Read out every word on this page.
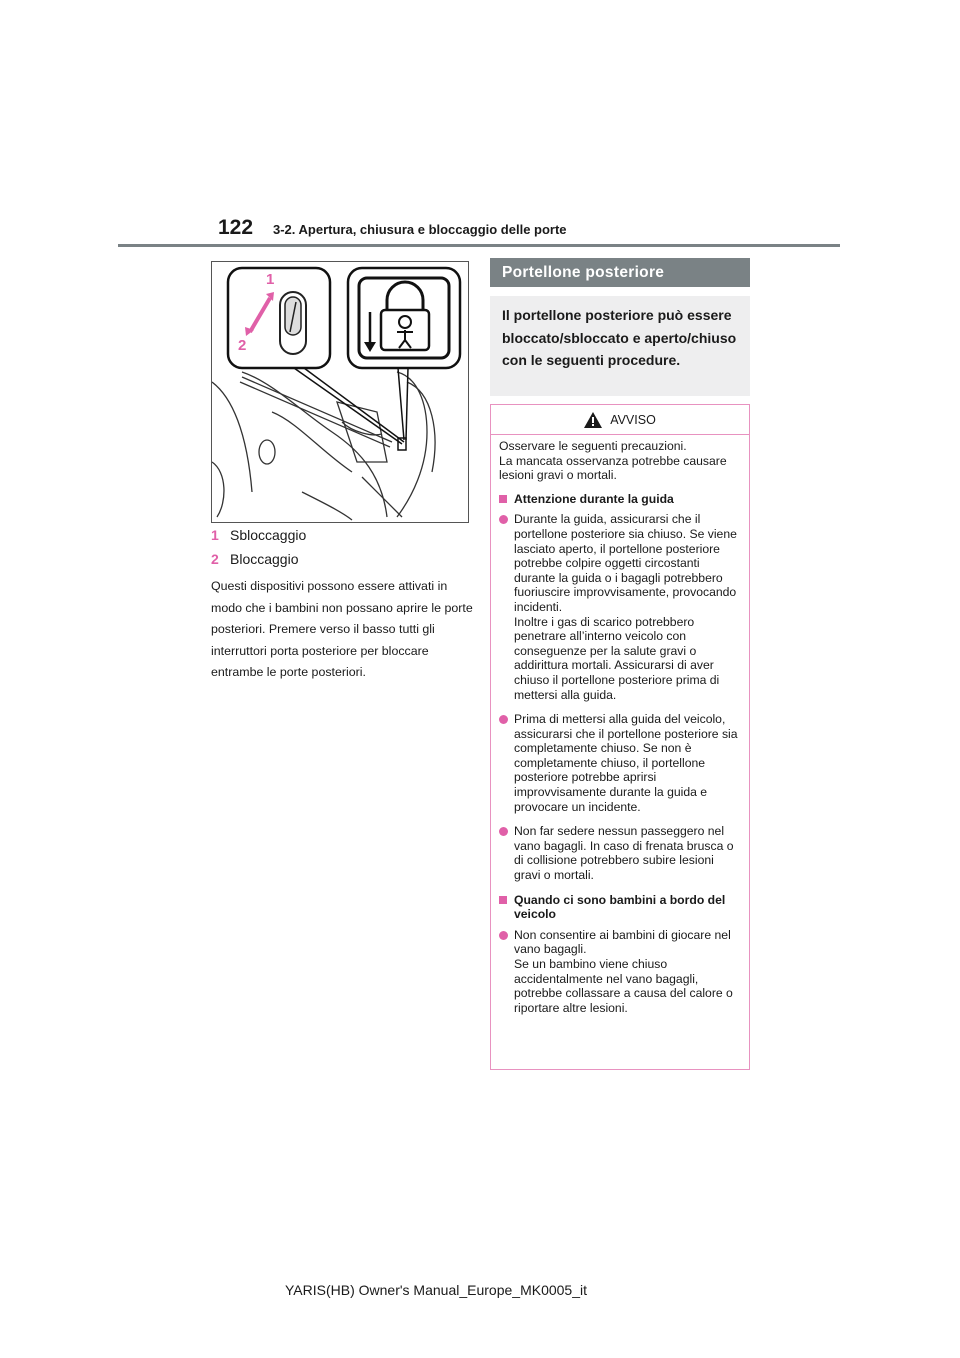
122 3-2. Apertura, chiusura e bloccaggio delle porte
1
2
1 Sbloccaggio
2 Bloccaggio

Questi dispositivi possono essere attivati in modo che i bambini non possano aprire le porte posteriori. Premere verso il basso tutti gli interruttori porta posteriore per bloccare entrambe le porte posteriori.

Portellone posteriore

Il portellone posteriore può essere bloccato/sbloccato e aperto/chiuso con le seguenti procedure.

AVVISO
Osservare le seguenti precauzioni.
La mancata osservanza potrebbe causare lesioni gravi o mortali.
Attenzione durante la guida
Durante la guida, assicurarsi che il portellone posteriore sia chiuso. Se viene lasciato aperto, il portellone posteriore potrebbe colpire oggetti circostanti durante la guida o i bagagli potrebbero fuoriuscire improvvisamente, provocando incidenti.
Inoltre i gas di scarico potrebbero penetrare all’interno veicolo con conseguenze per la salute gravi o addirittura mortali. Assicurarsi di aver chiuso il portellone posteriore prima di mettersi alla guida.
Prima di mettersi alla guida del veicolo, assicurarsi che il portellone posteriore sia completamente chiuso. Se non è completamente chiuso, il portellone posteriore potrebbe aprirsi improvvisamente durante la guida e provocare un incidente.
Non far sedere nessun passeggero nel vano bagagli. In caso di frenata brusca o di collisione potrebbero subire lesioni gravi o mortali.
Quando ci sono bambini a bordo del veicolo
Non consentire ai bambini di giocare nel vano bagagli.
Se un bambino viene chiuso accidentalmente nel vano bagagli, potrebbe collassare a causa del calore o riportare altre lesioni.
YARIS(HB) Owner's Manual_Europe_MK0005_it
